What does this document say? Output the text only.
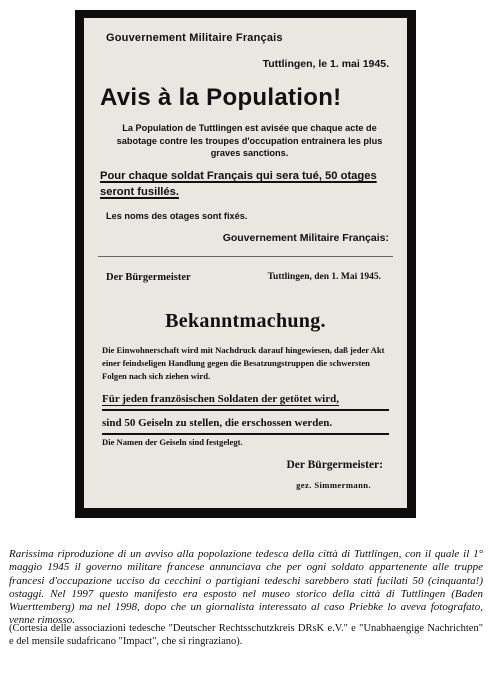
Gouvernement Militaire Français

Tuttlingen, le 1. mai 1945.

Avis à la Population!

La Population de Tuttlingen est avisée que chaque acte de sabotage contre les troupes d'occupation entrainera les plus graves sanctions.

Pour chaque soldat Français qui sera tué, 50 otages seront fusillés.

Les noms des otages sont fixés.

Gouvernement Militaire Français:

Der Bürgermeister	Tuttlingen, den 1. Mai 1945.

Bekanntmachung.

Die Einwohnerschaft wird mit Nachdruck darauf hingewiesen, daß jeder Akt einer feindseligen Handlung gegen die Besatzungstruppen die schwersten Folgen nach sich ziehen wird.

Für jeden französischen Soldaten der getötet wird,
sind 50 Geiseln zu stellen, die erschossen werden.

Die Namen der Geiseln sind festgelegt.

Der Bürgermeister:

gez. Simmermann.

Rarissima riproduzione di un avviso alla popolazione tedesca della città di Tuttlingen, con il quale il 1° maggio 1945 il governo militare francese annunciava che per ogni soldato appartenente alle truppe francesi d'occupazione ucciso da cecchini o partigiani tedeschi sarebbero stati fucilati 50 (cinquanta!) ostaggi. Nel 1997 questo manifesto era esposto nel museo storico della città di Tuttlingen (Baden Wuerttemberg) ma nel 1998, dopo che un giornalista interessato al caso Priebke lo aveva fotografato, venne rimosso.

(Cortesia delle associazioni tedesche "Deutscher Rechtsschutzkreis DRsK e.V." e "Unabhaengige Nachrichten" e del mensile sudafricano "Impact", che si ringraziano).
